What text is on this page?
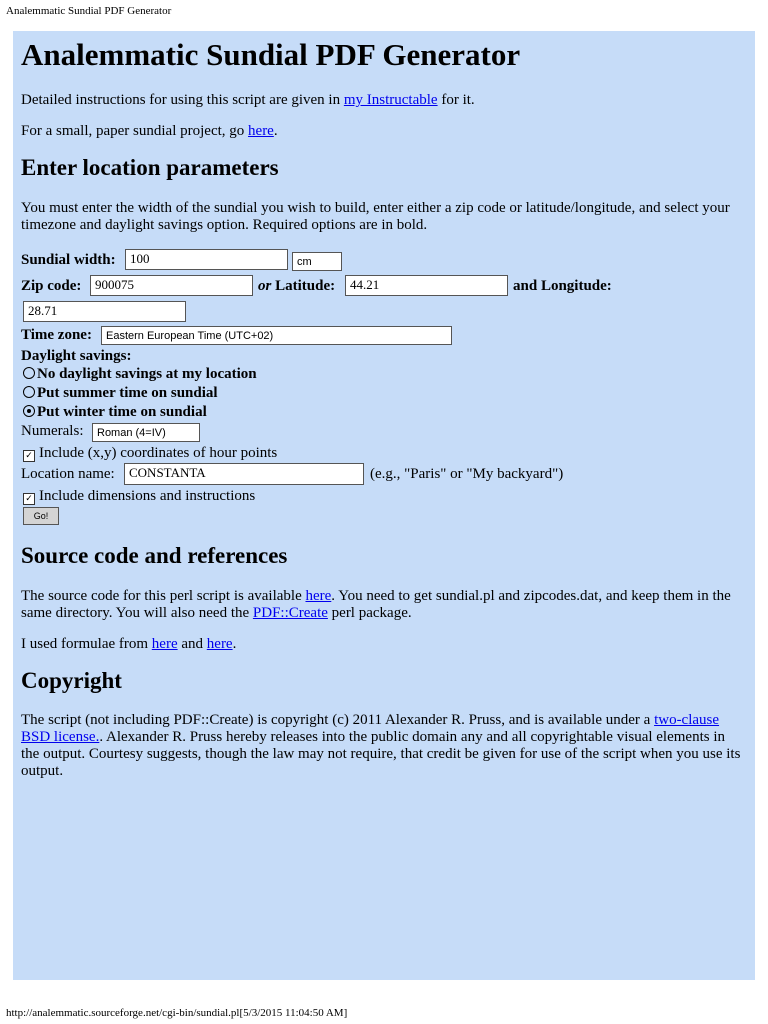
Analemmatic Sundial PDF Generator
Analemmatic Sundial PDF Generator

Detailed instructions for using this script are given in my Instructable for it.

For a small, paper sundial project, go here.

Enter location parameters

You must enter the width of the sundial you wish to build, enter either a zip code or latitude/longitude, and select your timezone and daylight savings option. Required options are in bold.

Sundial width:	100	cm
Zip code:	900075	or Latitude:	44.21	and Longitude:
28.71
Time zone:	Eastern European Time (UTC+02)
Daylight savings:
No daylight savings at my location
Put summer time on sundial
Put winter time on sundial
Numerals:	Roman (4=IV)
✓ Include (x,y) coordinates of hour points
Location name:	CONSTANTA	(e.g., "Paris" or "My backyard")
✓ Include dimensions and instructions
Go!
Source code and references

The source code for this perl script is available here. You need to get sundial.pl and zipcodes.dat, and keep them in the same directory. You will also need the PDF::Create perl package.

I used formulae from here and here.

Copyright

The script (not including PDF::Create) is copyright (c) 2011 Alexander R. Pruss, and is available under a two-clause BSD license.. Alexander R. Pruss hereby releases into the public domain any and all copyrightable visual elements in the output. Courtesy suggests, though the law may not require, that credit be given for use of the script when you use its output.

http://analemmatic.sourceforge.net/cgi-bin/sundial.pl[5/3/2015 11:04:50 AM]
